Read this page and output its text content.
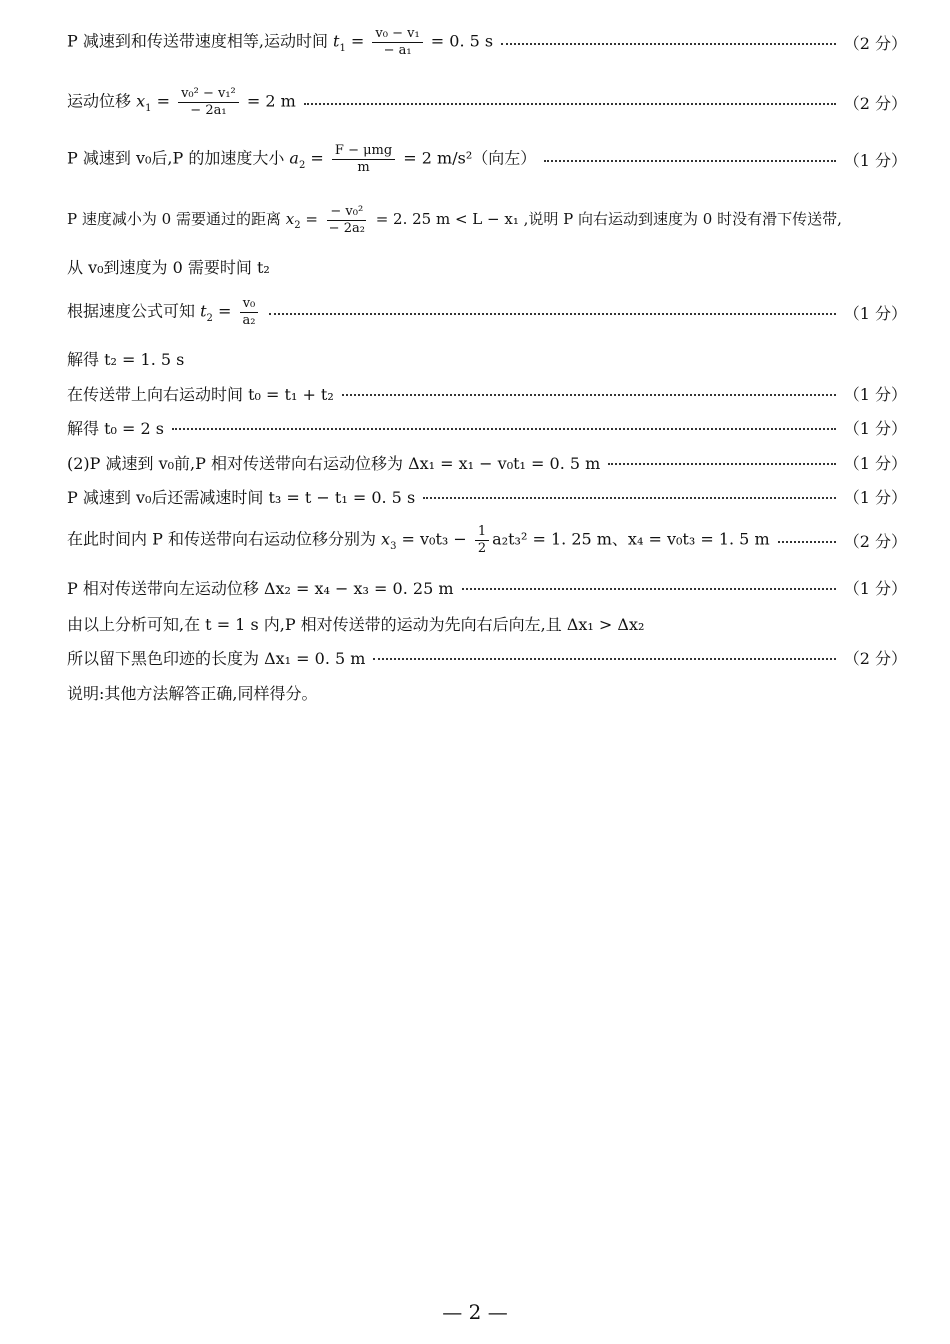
P 减速到和传送带速度相等,运动时间 $t_1 = \frac{\text{v₀ − v₁}}{\text{− a₁}} = 0$. 5 s	（2 分）
运动位移 $x_1 = \frac{\text{v₀² − v₁²}}{\text{− 2a₁}} = 2$ m	（2 分）
P 减速到 v₀后,P 的加速度大小 $a_2 = \frac{\text{F − μmg}}{m} = 2$ m/s²（向左）	（1 分）
P 速度减小为 0 需要通过的距离 $x_2 = \frac{\text{− v₀²}}{\text{− 2a₂}} = 2$. 25 m < L − x₁ ,说明 P 向右运动到速度为 0 时没有滑下传送带,
从 v₀到速度为 0 需要时间 t₂
根据速度公式可知 $t_2 = \frac{\text{v₀}}{\text{a₂}}$	（1 分）
解得 t₂ = 1. 5 s
在传送带上向右运动时间 t₀ = t₁ + t₂	（1 分）
解得 t₀ = 2 s	（1 分）
(2)P 减速到 v₀前,P 相对传送带向右运动位移为 Δx₁ = x₁ − v₀t₁ = 0. 5 m	（1 分）
P 减速到 v₀后还需减速时间 t₃ = t − t₁ = 0. 5 s	（1 分）
在此时间内 P 和传送带向右运动位移分别为 $x_3 = v_0t_3 - \frac{1}{2} a_2t_3^2 = 1$. 25 m、x₄ = v₀t₃ = 1. 5 m	（2 分）
P 相对传送带向左运动位移 Δx₂ = x₄ − x₃ = 0. 25 m	（1 分）
由以上分析可知,在 t = 1 s 内,P 相对传送带的运动为先向右后向左,且 Δx₁ > Δx₂
所以留下黑色印迹的长度为 Δx₁ = 0. 5 m	（2 分）
说明:其他方法解答正确,同样得分。
— 2 —
